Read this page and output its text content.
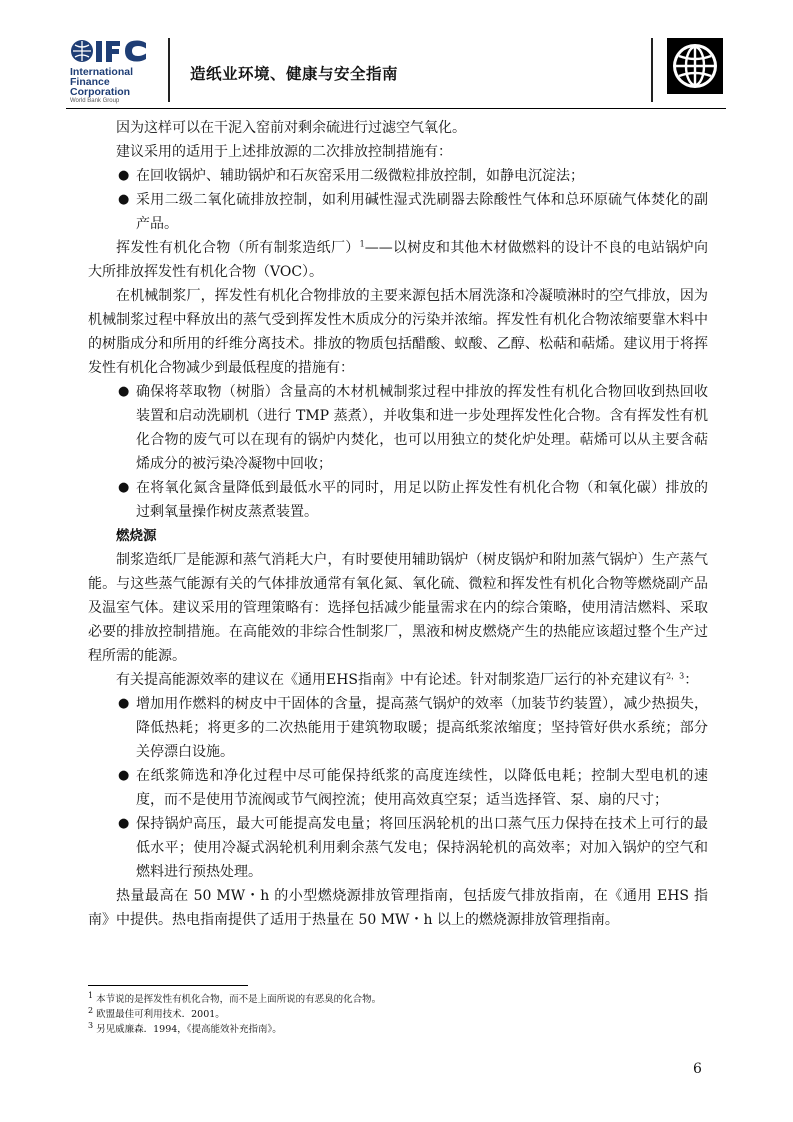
International
Finance
Corporation
World Bank Group
造纸业环境、健康与安全指南

因为这样可以在干泥入窑前对剩余硫进行过滤空气氧化。

建议采用的适用于上述排放源的二次排放控制措施有：

● 在回收锅炉、辅助锅炉和石灰窑采用二级微粒排放控制，如静电沉淀法；

● 采用二级二氧化硫排放控制，如利用碱性湿式洗刷器去除酸性气体和总环原硫气体焚化的副产品。

挥发性有机化合物（所有制浆造纸厂）$^1$——以树皮和其他木材做燃料的设计不良的电站锅炉向大所排放挥发性有机化合物（VOC）。

在机械制浆厂，挥发性有机化合物排放的主要来源包括木屑洗涤和冷凝喷淋时的空气排放，因为机械制浆过程中释放出的蒸气受到挥发性木质成分的污染并浓缩。挥发性有机化合物浓缩要靠木料中的树脂成分和所用的纤维分离技术。排放的物质包括醋酸、蚁酸、乙醇、松萜和萜烯。建议用于将挥发性有机化合物减少到最低程度的措施有：

● 确保将萃取物（树脂）含量高的木材机械制浆过程中排放的挥发性有机化合物回收到热回收装置和启动洗刷机（进行 TMP 蒸煮），并收集和进一步处理挥发性化合物。含有挥发性有机化合物的废气可以在现有的锅炉内焚化，也可以用独立的焚化炉处理。萜烯可以从主要含萜烯成分的被污染冷凝物中回收；

● 在将氧化氮含量降低到最低水平的同时，用足以防止挥发性有机化合物（和氧化碳）排放的过剩氧量操作树皮蒸煮装置。

燃烧源

制浆造纸厂是能源和蒸气消耗大户，有时要使用辅助锅炉（树皮锅炉和附加蒸气锅炉）生产蒸气能。与这些蒸气能源有关的气体排放通常有氧化氮、氧化硫、微粒和挥发性有机化合物等燃烧副产品及温室气体。建议采用的管理策略有：选择包括减少能量需求在内的综合策略，使用清洁燃料、采取必要的排放控制措施。在高能效的非综合性制浆厂，黑液和树皮燃烧产生的热能应该超过整个生产过程所需的能源。

有关提高能源效率的建议在《通用EHS指南》中有论述。针对制浆造厂运行的补充建议有$^{2,3}$：

● 增加用作燃料的树皮中干固体的含量，提高蒸气锅炉的效率（加装节约装置），减少热损失，降低热耗；将更多的二次热能用于建筑物取暖；提高纸浆浓缩度；坚持管好供水系统；部分关停漂白设施。

● 在纸浆筛选和净化过程中尽可能保持纸浆的高度连续性，以降低电耗；控制大型电机的速度，而不是使用节流阀或节气阀控流；使用高效真空泵；适当选择管、泵、扇的尺寸；

● 保持锅炉高压，最大可能提高发电量；将回压涡轮机的出口蒸气压力保持在技术上可行的最低水平；使用冷凝式涡轮机利用剩余蒸气发电；保持涡轮机的高效率；对加入锅炉的空气和燃料进行预热处理。

热量最高在 50 MW・h 的小型燃烧源排放管理指南，包括废气排放指南，在《通用 EHS 指南》中提供。热电指南提供了适用于热量在 50 MW・h 以上的燃烧源排放管理指南。

$^1$ 本节说的是挥发性有机化合物，而不是上面所说的有恶臭的化合物。

$^2$ 欧盟最佳可利用技术．2001。

$^3$ 另见威廉森．1994，《提高能效补充指南》。

6
